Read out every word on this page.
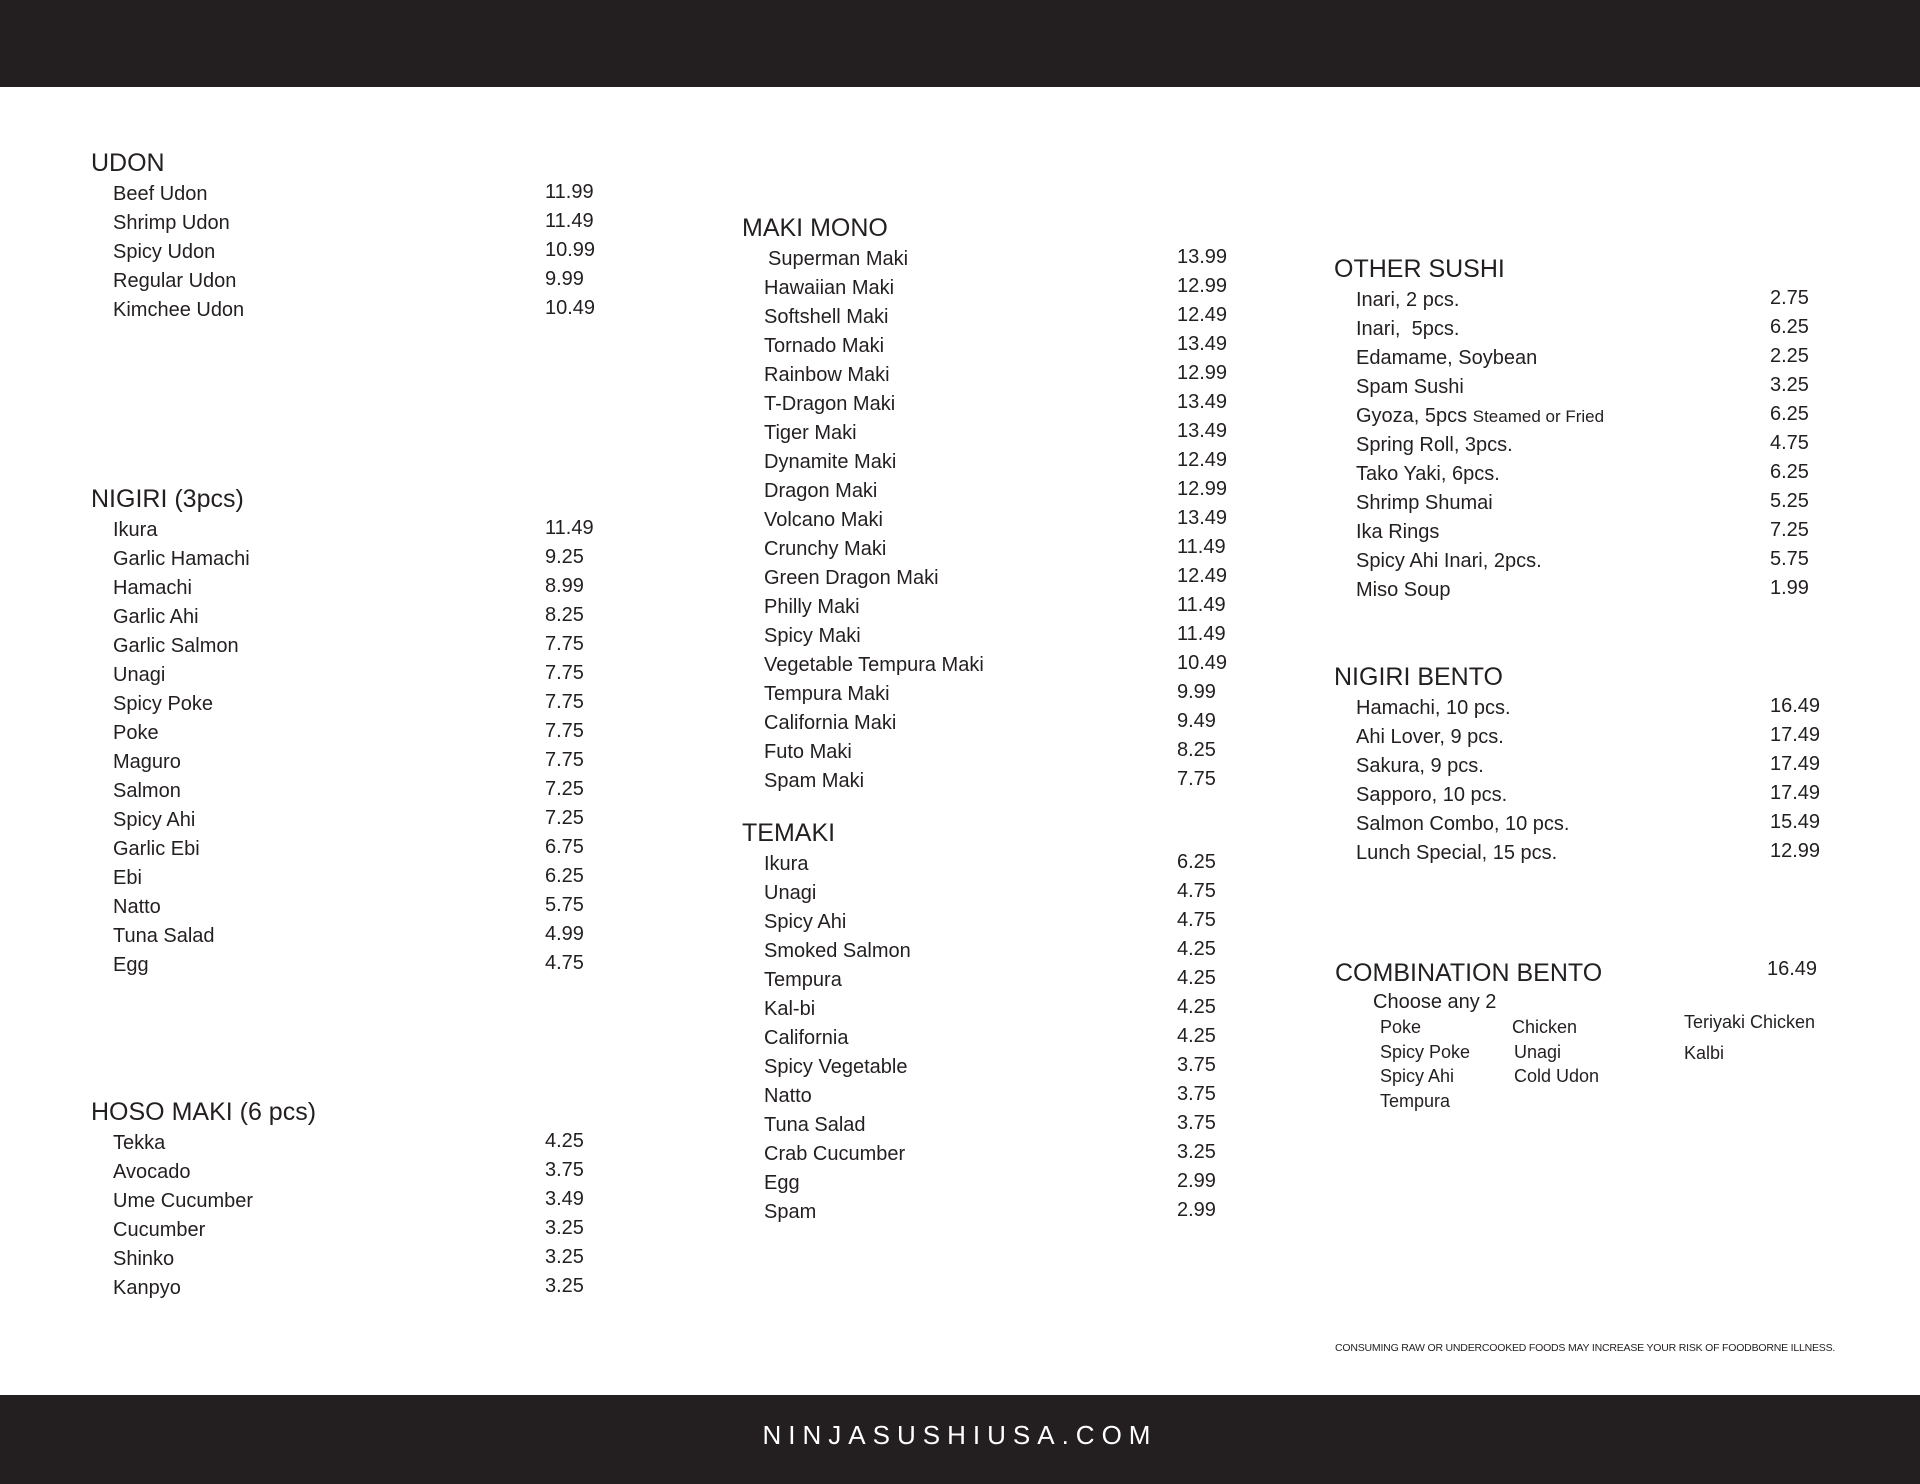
UDON
Beef Udon	11.99
Shrimp Udon	11.49
Spicy Udon	10.99
Regular Udon	9.99
Kimchee Udon	10.49
NIGIRI (3pcs)
Ikura	11.49
Garlic Hamachi	9.25
Hamachi	8.99
Garlic Ahi	8.25
Garlic Salmon	7.75
Unagi	7.75
Spicy Poke	7.75
Poke	7.75
Maguro	7.75
Salmon	7.25
Spicy Ahi	7.25
Garlic Ebi	6.75
Ebi	6.25
Natto	5.75
Tuna Salad	4.99
Egg	4.75
HOSO MAKI (6 pcs)
Tekka	4.25
Avocado	3.75
Ume Cucumber	3.49
Cucumber	3.25
Shinko	3.25
Kanpyo	3.25
MAKI MONO
Superman Maki	13.99
Hawaiian Maki	12.99
Softshell Maki	12.49
Tornado Maki	13.49
Rainbow Maki	12.99
T-Dragon Maki	13.49
Tiger Maki	13.49
Dynamite Maki	12.49
Dragon Maki	12.99
Volcano Maki	13.49
Crunchy Maki	11.49
Green Dragon Maki	12.49
Philly Maki	11.49
Spicy Maki	11.49
Vegetable Tempura Maki	10.49
Tempura Maki	9.99
California Maki	9.49
Futo Maki	8.25
Spam Maki	7.75
TEMAKI
Ikura	6.25
Unagi	4.75
Spicy Ahi	4.75
Smoked Salmon	4.25
Tempura	4.25
Kal-bi	4.25
California	4.25
Spicy Vegetable	3.75
Natto	3.75
Tuna Salad	3.75
Crab Cucumber	3.25
Egg	2.99
Spam	2.99
OTHER SUSHI
Inari, 2 pcs.	2.75
Inari,  5pcs.	6.25
Edamame, Soybean	2.25
Spam Sushi	3.25
Gyoza, 5pcs Steamed or Fried	6.25
Spring Roll, 3pcs.	4.75
Tako Yaki, 6pcs.	6.25
Shrimp Shumai	5.25
Ika Rings	7.25
Spicy Ahi Inari, 2pcs.	5.75
Miso Soup	1.99
NIGIRI BENTO
Hamachi, 10 pcs.	16.49
Ahi Lover, 9 pcs.	17.49
Sakura, 9 pcs.	17.49
Sapporo, 10 pcs.	17.49
Salmon Combo, 10 pcs.	15.49
Lunch Special, 15 pcs.	12.99
COMBINATION BENTO	16.49
Choose any 2
Poke
Spicy Poke
Spicy Ahi
Tempura
Chicken
Unagi
Cold Udon
Teriyaki Chicken
Kalbi
CONSUMING RAW OR UNDERCOOKED FOODS MAY INCREASE YOUR RISK OF FOODBORNE ILLNESS.
NINJASUSHIUSA.COM
